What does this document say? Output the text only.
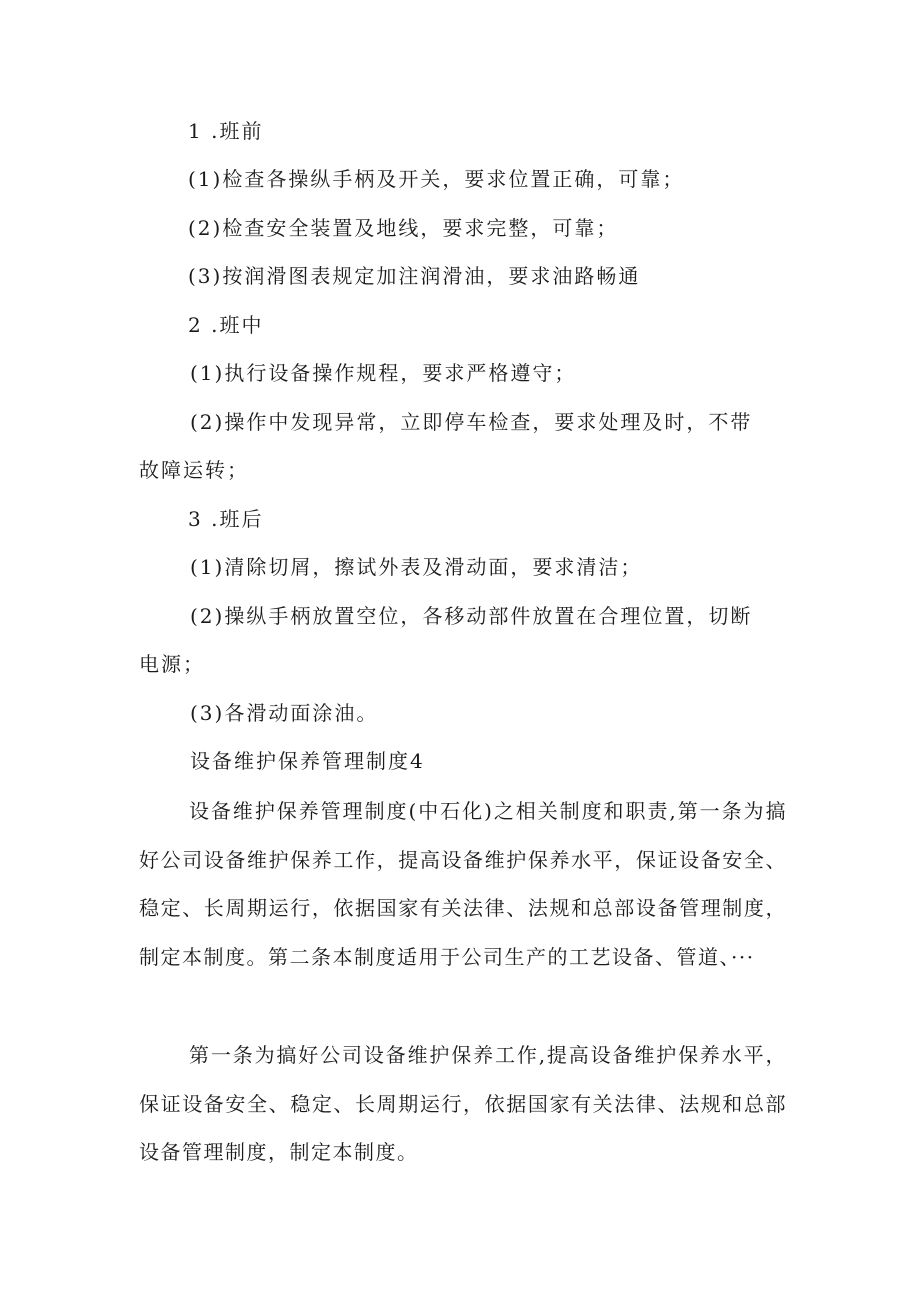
1 .班前
(1)检查各操纵手柄及开关，要求位置正确，可靠；
(2)检查安全装置及地线，要求完整，可靠；
(3)按润滑图表规定加注润滑油，要求油路畅通
2 .班中
(1)执行设备操作规程，要求严格遵守；
(2)操作中发现异常，立即停车检查，要求处理及时，不带
故障运转；
3 .班后
(1)清除切屑，擦试外表及滑动面，要求清洁；
(2)操纵手柄放置空位，各移动部件放置在合理位置，切断
电源；
(3)各滑动面涂油。
设备维护保养管理制度4

设备维护保养管理制度(中石化)之相关制度和职责,第一条为搞好公司设备维护保养工作，提高设备维护保养水平，保证设备安全、稳定、长周期运行，依据国家有关法律、法规和总部设备管理制度，制定本制度。第二条本制度适用于公司生产的工艺设备、管道、···

第一条为搞好公司设备维护保养工作,提高设备维护保养水平，保证设备安全、稳定、长周期运行，依据国家有关法律、法规和总部设备管理制度，制定本制度。
